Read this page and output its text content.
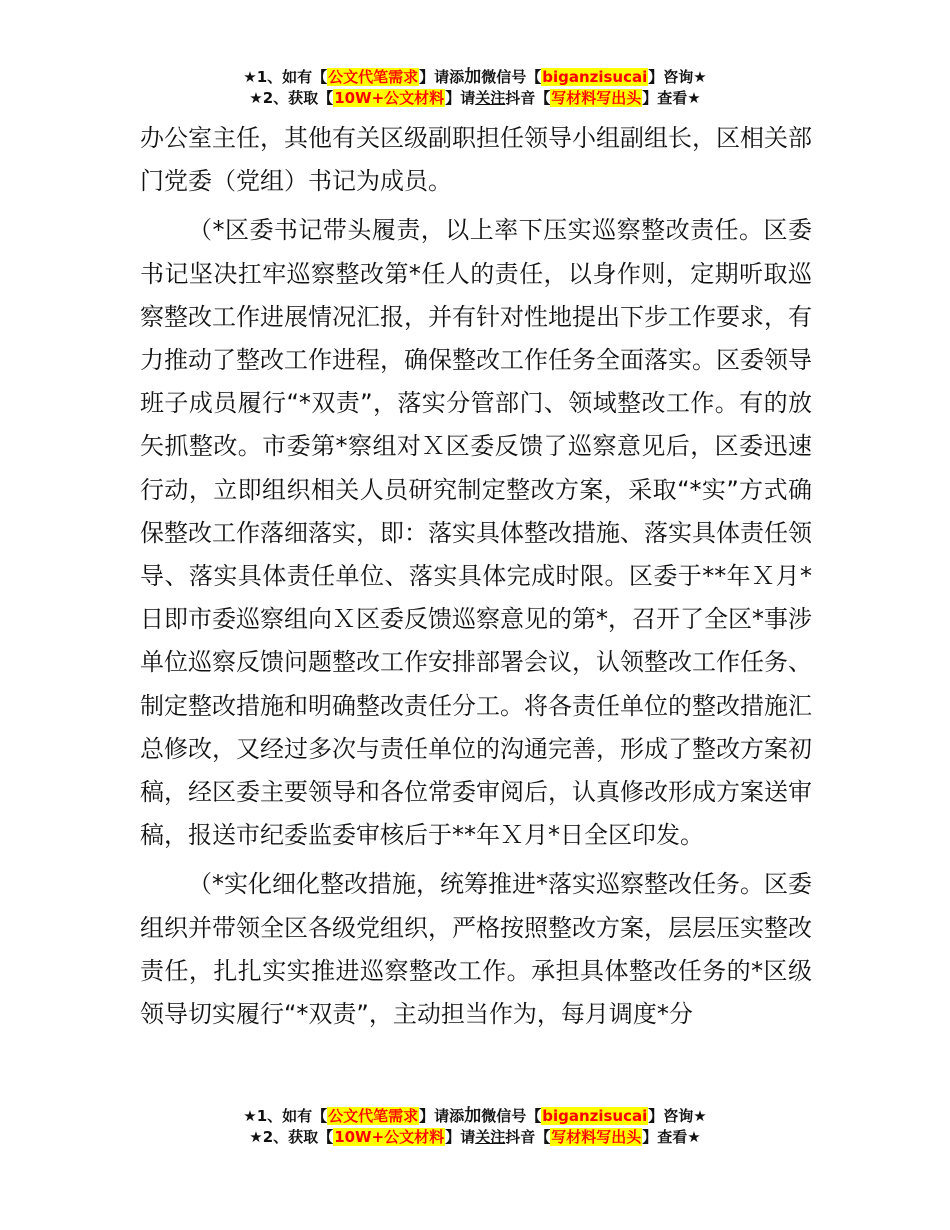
★1、如有【公文代笔需求】请添加微信号【biganzisucai】咨询★
★2、获取【10W+公文材料】请关注抖音【写材料写出头】查看★

办公室主任，其他有关区级副职担任领导小组副组长，区相关部门党委（党组）书记为成员。

（*区委书记带头履责，以上率下压实巡察整改责任。区委书记坚决扛牢巡察整改第*任人的责任，以身作则，定期听取巡察整改工作进展情况汇报，并有针对性地提出下步工作要求，有力推动了整改工作进程，确保整改工作任务全面落实。区委领导班子成员履行“*双责”，落实分管部门、领域整改工作。有的放矢抓整改。市委第*察组对Ｘ区委反馈了巡察意见后，区委迅速行动，立即组织相关人员研究制定整改方案，采取“*实”方式确保整改工作落细落实，即：落实具体整改措施、落实具体责任领导、落实具体责任单位、落实具体完成时限。区委于**年Ｘ月*日即市委巡察组向Ｘ区委反馈巡察意见的第*，召开了全区*事涉单位巡察反馈问题整改工作安排部署会议，认领整改工作任务、制定整改措施和明确整改责任分工。将各责任单位的整改措施汇总修改，又经过多次与责任单位的沟通完善，形成了整改方案初稿，经区委主要领导和各位常委审阅后，认真修改形成方案送审稿，报送市纪委监委审核后于**年Ｘ月*日全区印发。

（*实化细化整改措施，统筹推进*落实巡察整改任务。区委组织并带领全区各级党组织，严格按照整改方案，层层压实整改责任，扎扎实实推进巡察整改工作。承担具体整改任务的*区级领导切实履行“*双责”，主动担当作为，每月调度*分

★1、如有【公文代笔需求】请添加微信号【biganzisucai】咨询★
★2、获取【10W+公文材料】请关注抖音【写材料写出头】查看★
